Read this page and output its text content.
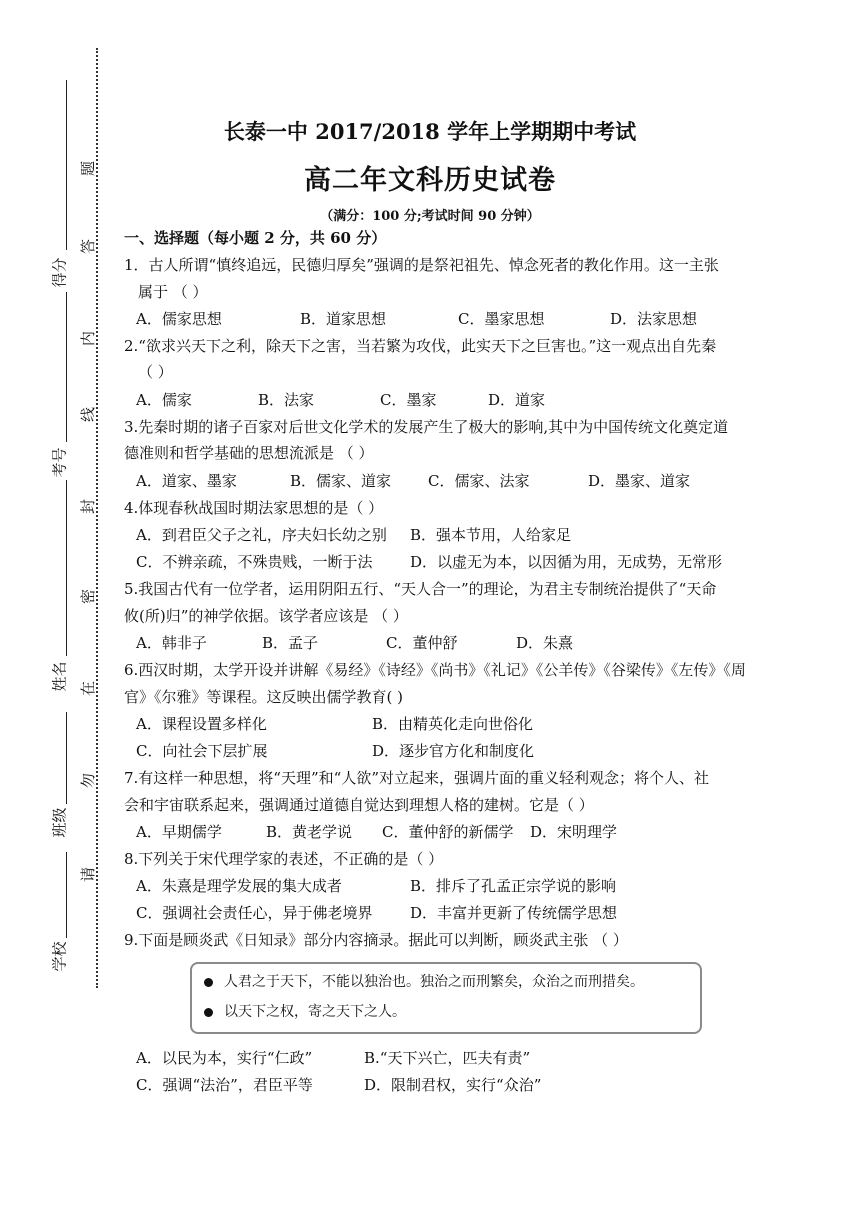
得分
考号
姓名
班级
学校
题
答
内
线
封
密
在
勿
请
长泰一中 2017/2018 学年上学期期中考试
高二年文科历史试卷
（满分：100 分;考试时间 90 分钟）
一、选择题（每小题 2 分，共 60 分）
1．古人所谓“慎终追远，民德归厚矣”强调的是祭祀祖先、悼念死者的教化作用。这一主张
属于 （ ）
A．儒家思想	B．道家思想	C．墨家思想	D．法家思想
2.“欲求兴天下之利，除天下之害，当若繁为攻伐，此实天下之巨害也。”这一观点出自先秦
（ ）
A．儒家	B．法家	C．墨家	D．道家
3.先秦时期的诸子百家对后世文化学术的发展产生了极大的影响,其中为中国传统文化奠定道
德准则和哲学基础的思想流派是 （ ）
A．道家、墨家	B．儒家、道家 C．儒家、法家	D．墨家、道家
4.体现春秋战国时期法家思想的是（ ）
A．到君臣父子之礼，序夫妇长幼之别 B．强本节用，人给家足
C．不辨亲疏，不殊贵贱，一断于法	D．以虚无为本，以因循为用，无成势，无常形
5.我国古代有一位学者，运用阴阳五行、“天人合一”的理论，为君主专制统治提供了“天命
攸(所)归”的神学依据。该学者应该是 （ ）
A．韩非子	B．孟子	C．董仲舒	D．朱熹
6.西汉时期，太学开设并讲解《易经》《诗经》《尚书》《礼记》《公羊传》《谷梁传》《左传》《周
官》《尔雅》等课程。这反映出儒学教育( )
A．课程设置多样化	B．由精英化走向世俗化
C．向社会下层扩展	D．逐步官方化和制度化
7.有这样一种思想，将“天理”和“人欲”对立起来，强调片面的重义轻利观念；将个人、社
会和宇宙联系起来，强调通过道德自觉达到理想人格的建树。它是（ ）
A．早期儒学	B．黄老学说 C．董仲舒的新儒学 D．宋明理学
8.下列关于宋代理学家的表述，不正确的是（ ）
A．朱熹是理学发展的集大成者	B．排斥了孔孟正宗学说的影响
C．强调社会责任心，异于佛老境界	D．丰富并更新了传统儒学思想
9.下面是顾炎武《日知录》部分内容摘录。据此可以判断，顾炎武主张 （ ）
人君之于天下，不能以独治也。独治之而刑繁矣，众治之而刑措矣。
以天下之权，寄之天下之人。
A．以民为本，实行“仁政”	B.“天下兴亡，匹夫有责”
C．强调“法治”，君臣平等	D．限制君权，实行“众治”
